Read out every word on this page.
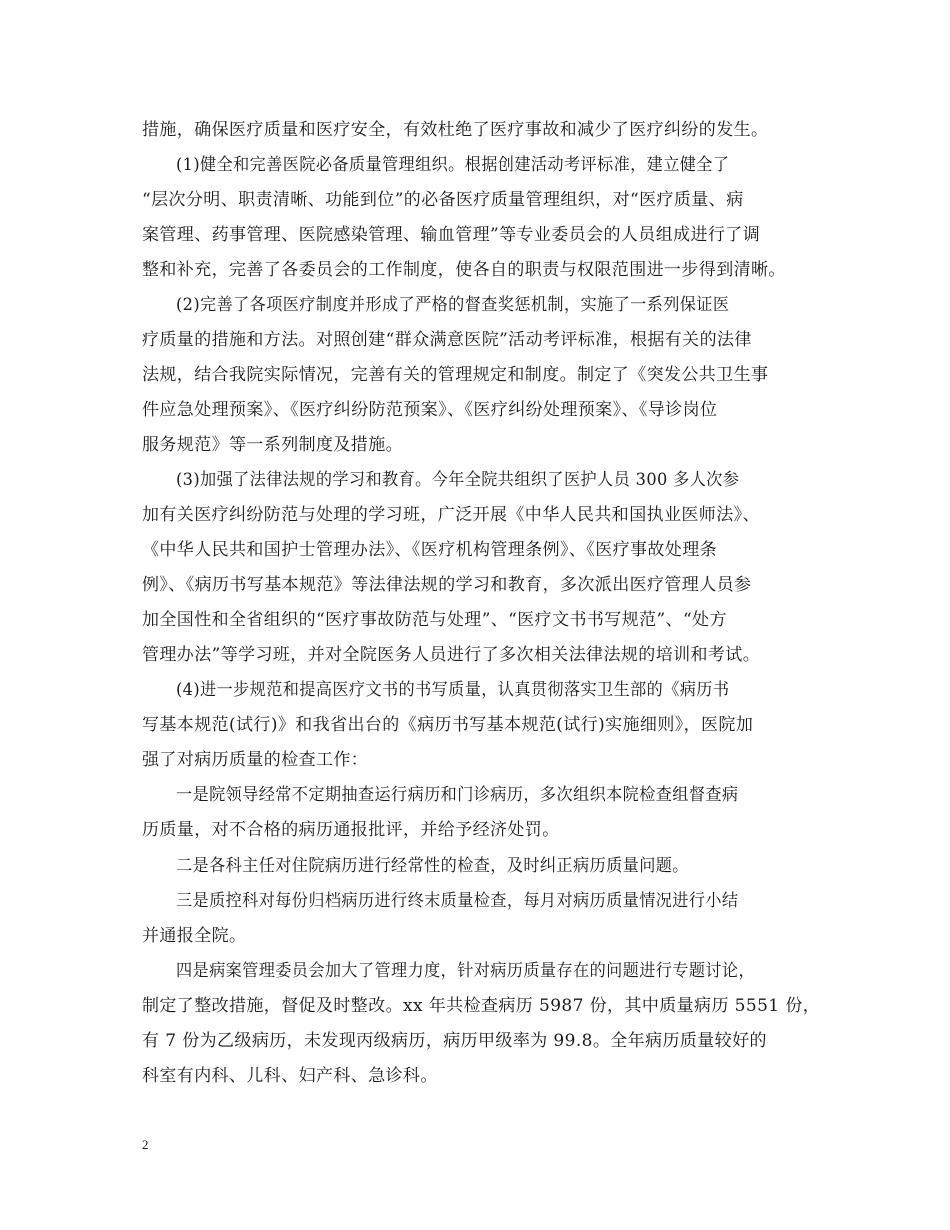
措施，确保医疗质量和医疗安全，有效杜绝了医疗事故和减少了医疗纠纷的发生。
(1)健全和完善医院必备质量管理组织。根据创建活动考评标准，建立健全了
“层次分明、职责清晰、功能到位”的必备医疗质量管理组织，对“医疗质量、病
案管理、药事管理、医院感染管理、输血管理”等专业委员会的人员组成进行了调
整和补充，完善了各委员会的工作制度，使各自的职责与权限范围进一步得到清晰。
(2)完善了各项医疗制度并形成了严格的督查奖惩机制，实施了一系列保证医
疗质量的措施和方法。对照创建“群众满意医院”活动考评标准，根据有关的法律
法规，结合我院实际情况，完善有关的管理规定和制度。制定了《突发公共卫生事
件应急处理预案》、《医疗纠纷防范预案》、《医疗纠纷处理预案》、《导诊岗位
服务规范》等一系列制度及措施。
(3)加强了法律法规的学习和教育。今年全院共组织了医护人员 300 多人次参
加有关医疗纠纷防范与处理的学习班，广泛开展《中华人民共和国执业医师法》、
《中华人民共和国护士管理办法》、《医疗机构管理条例》、《医疗事故处理条
例》、《病历书写基本规范》等法律法规的学习和教育，多次派出医疗管理人员参
加全国性和全省组织的“医疗事故防范与处理”、“医疗文书书写规范”、“处方
管理办法”等学习班，并对全院医务人员进行了多次相关法律法规的培训和考试。
(4)进一步规范和提高医疗文书的书写质量，认真贯彻落实卫生部的《病历书
写基本规范(试行)》和我省出台的《病历书写基本规范(试行)实施细则》，医院加
强了对病历质量的检查工作：
一是院领导经常不定期抽查运行病历和门诊病历，多次组织本院检查组督查病
历质量，对不合格的病历通报批评，并给予经济处罚。
二是各科主任对住院病历进行经常性的检查，及时纠正病历质量问题。
三是质控科对每份归档病历进行终末质量检查，每月对病历质量情况进行小结
并通报全院。
四是病案管理委员会加大了管理力度，针对病历质量存在的问题进行专题讨论，
制定了整改措施，督促及时整改。xx 年共检查病历 5987 份，其中质量病历 5551 份，
有 7 份为乙级病历，未发现丙级病历，病历甲级率为 99.8。全年病历质量较好的
科室有内科、儿科、妇产科、急诊科。
2
